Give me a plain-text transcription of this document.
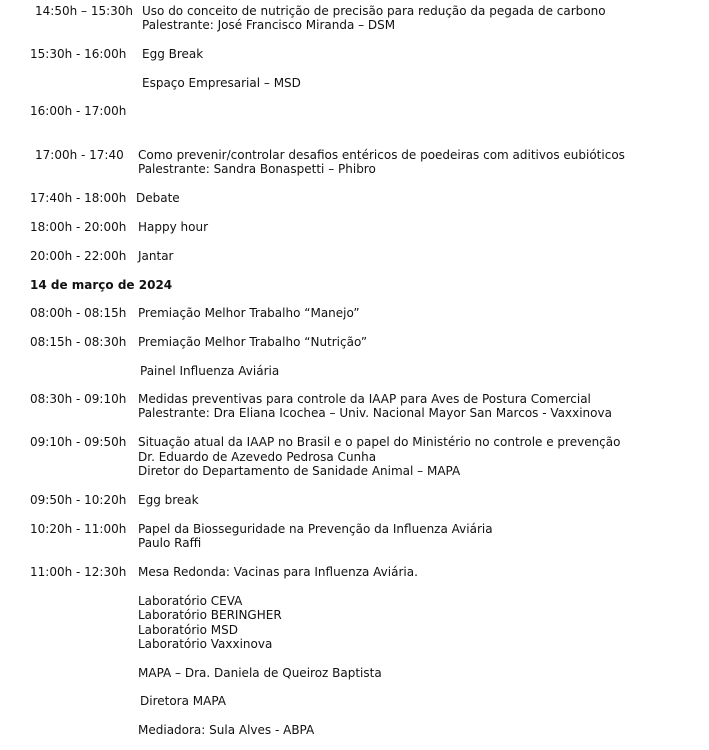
14:50h – 15:30h Uso do conceito de nutrição de precisão para redução da pegada de carbono
Palestrante: José Francisco Miranda – DSM
15:30h - 16:00h Egg Break
Espaço Empresarial – MSD
16:00h - 17:00h
17:00h - 17:40 Como prevenir/controlar desafios entéricos de poedeiras com aditivos eubióticos
Palestrante: Sandra Bonaspetti – Phibro
17:40h - 18:00h Debate
18:00h - 20:00h Happy hour
20:00h - 22:00h Jantar
14 de março de 2024
08:00h - 08:15h Premiação Melhor Trabalho “Manejo”
08:15h - 08:30h Premiação Melhor Trabalho “Nutrição”
Painel Influenza Aviária
08:30h - 09:10h Medidas preventivas para controle da IAAP para Aves de Postura Comercial
Palestrante: Dra Eliana Icochea – Univ. Nacional Mayor San Marcos - Vaxxinova
09:10h - 09:50h Situação atual da IAAP no Brasil e o papel do Ministério no controle e prevenção
Dr. Eduardo de Azevedo Pedrosa Cunha
Diretor do Departamento de Sanidade Animal – MAPA
09:50h - 10:20h Egg break
10:20h - 11:00h Papel da Biosseguridade na Prevenção da Influenza Aviária
Paulo Raffi
11:00h - 12:30h Mesa Redonda: Vacinas para Influenza Aviária.
Laboratório CEVA
Laboratório BERINGHER
Laboratório MSD
Laboratório Vaxxinova
MAPA – Dra. Daniela de Queiroz Baptista
Diretora MAPA
Mediadora: Sula Alves - ABPA
